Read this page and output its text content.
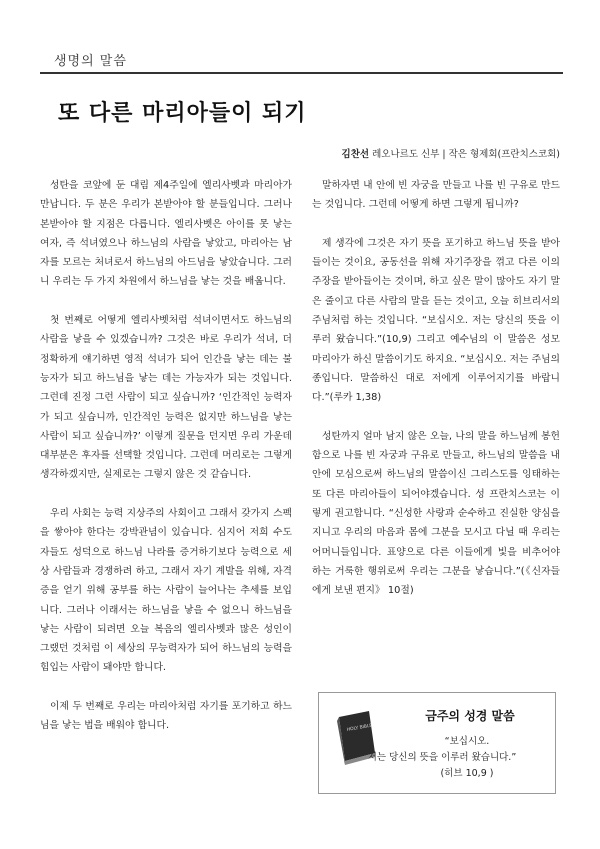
생명의 말씀
또 다른 마리아들이 되기
김찬선 레오나르도 신부 | 작은 형제회(프란치스코회)

성탄을 코앞에 둔 대림 제4주일에 엘리사벳과 마리아가 만납니다. 두 분은 우리가 본받아야 할 분들입니다. 그러나 본받아야 할 지점은 다릅니다. 엘리사벳은 아이를 못 낳는 여자, 즉 석녀였으나 하느님의 사람을 낳았고, 마리아는 남자를 모르는 처녀로서 하느님의 아드님을 낳았습니다. 그러니 우리는 두 가지 차원에서 하느님을 낳는 것을 배웁니다.

첫 번째로 어떻게 엘리사벳처럼 석녀이면서도 하느님의 사람을 낳을 수 있겠습니까? 그것은 바로 우리가 석녀, 더 정확하게 얘기하면 영적 석녀가 되어 인간을 낳는 데는 불능자가 되고 하느님을 낳는 데는 가능자가 되는 것입니다. 그런데 진정 그런 사람이 되고 싶습니까? ‘인간적인 능력자가 되고 싶습니까, 인간적인 능력은 없지만 하느님을 낳는 사람이 되고 싶습니까?’ 이렇게 질문을 던지면 우리 가운데 대부분은 후자를 선택할 것입니다. 그런데 머리로는 그렇게 생각하겠지만, 실제로는 그렇지 않은 것 같습니다.

우리 사회는 능력 지상주의 사회이고 그래서 갖가지 스펙을 쌓아야 한다는 강박관념이 있습니다. 심지어 저희 수도자들도 성덕으로 하느님 나라를 증거하기보다 능력으로 세상 사람들과 경쟁하려 하고, 그래서 자기 계발을 위해, 자격증을 얻기 위해 공부를 하는 사람이 늘어나는 추세를 보입니다. 그러나 이래서는 하느님을 낳을 수 없으니 하느님을 낳는 사람이 되려면 오늘 복음의 엘리사벳과 많은 성인이 그랬던 것처럼 이 세상의 무능력자가 되어 하느님의 능력을 힘입는 사람이 돼야만 합니다.

이제 두 번째로 우리는 마리아처럼 자기를 포기하고 하느님을 낳는 법을 배워야 합니다.

말하자면 내 안에 빈 자궁을 만들고 나를 빈 구유로 만드는 것입니다. 그런데 어떻게 하면 그렇게 됩니까?

제 생각에 그것은 자기 뜻을 포기하고 하느님 뜻을 받아들이는 것이요, 공동선을 위해 자기주장을 꺾고 다른 이의 주장을 받아들이는 것이며, 하고 싶은 말이 많아도 자기 말은 줄이고 다른 사람의 말을 듣는 것이고, 오늘 히브리서의 주님처럼 하는 것입니다. “보십시오. 저는 당신의 뜻을 이루러 왔습니다.”(10,9) 그리고 예수님의 이 말씀은 성모 마리아가 하신 말씀이기도 하지요. “보십시오. 저는 주님의 종입니다. 말씀하신 대로 저에게 이루어지기를 바랍니다.”(루카 1,38)

성탄까지 얼마 남지 않은 오늘, 나의 말을 하느님께 봉헌함으로 나를 빈 자궁과 구유로 만들고, 하느님의 말씀을 내 안에 모심으로써 하느님의 말씀이신 그리스도를 잉태하는 또 다른 마리아들이 되어야겠습니다. 성 프란치스코는 이렇게 권고합니다. “신성한 사랑과 순수하고 진실한 양심을 지니고 우리의 마음과 몸에 그분을 모시고 다닐 때 우리는 어머니들입니다. 표양으로 다른 이들에게 빛을 비추어야 하는 거룩한 행위로써 우리는 그분을 낳습니다.”(《신자들에게 보낸 편지》 10절)

HOLY BIBLE
금주의 성경 말씀
“보십시오.
저는 당신의 뜻을 이루러 왔습니다.”
(히브 10,9 )
